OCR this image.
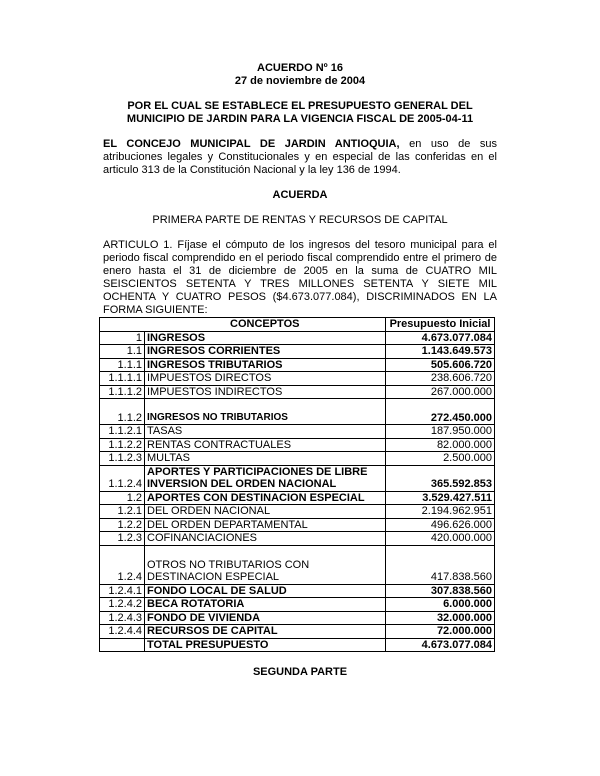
ACUERDO Nº 16
27 de noviembre de 2004
POR EL CUAL SE ESTABLECE EL PRESUPUESTO GENERAL DEL
MUNICIPIO DE JARDIN PARA LA VIGENCIA FISCAL DE 2005-04-11
EL CONCEJO MUNICIPAL DE JARDIN ANTIOQUIA, en uso de sus atribuciones legales y Constitucionales y en especial de las conferidas en el articulo 313 de la Constitución Nacional y la ley 136 de 1994.
ACUERDA
PRIMERA PARTE DE RENTAS Y RECURSOS DE CAPITAL
ARTICULO 1. Fíjase el cómputo de los ingresos del tesoro municipal para el periodo fiscal comprendido en el periodo fiscal comprendido entre el primero de enero hasta el 31 de diciembre de 2005 en la suma de CUATRO MIL SEISCIENTOS SETENTA Y TRES MILLONES SETENTA Y SIETE MIL OCHENTA Y CUATRO PESOS ($4.673.077.084), DISCRIMINADOS EN LA FORMA SIGUIENTE:
	CONCEPTOS	Presupuesto Inicial
1	INGRESOS	4.673.077.084
1.1	INGRESOS CORRIENTES	1.143.649.573
1.1.1	INGRESOS TRIBUTARIOS	505.606.720
1.1.1.1	IMPUESTOS DIRECTOS	238.606.720
1.1.1.2	IMPUESTOS INDIRECTOS	267.000.000
1.1.2	INGRESOS NO TRIBUTARIOS	272.450.000
1.1.2.1	TASAS	187.950.000
1.1.2.2	RENTAS CONTRACTUALES	82.000.000
1.1.2.3	MULTAS	2.500.000
1.1.2.4	APORTES Y PARTICIPACIONES DE LIBRE INVERSION DEL ORDEN NACIONAL	365.592.853
1.2	APORTES CON DESTINACION ESPECIAL	3.529.427.511
1.2.1	DEL ORDEN NACIONAL	2.194.962.951
1.2.2	DEL ORDEN DEPARTAMENTAL	496.626.000
1.2.3	COFINANCIACIONES	420.000.000
1.2.4	OTROS NO TRIBUTARIOS CON DESTINACION ESPECIAL	417.838.560
1.2.4.1	FONDO LOCAL DE SALUD	307.838.560
1.2.4.2	BECA ROTATORIA	6.000.000
1.2.4.3	FONDO DE VIVIENDA	32.000.000
1.2.4.4	RECURSOS DE CAPITAL	72.000.000
	TOTAL PRESUPUESTO	4.673.077.084
SEGUNDA PARTE
